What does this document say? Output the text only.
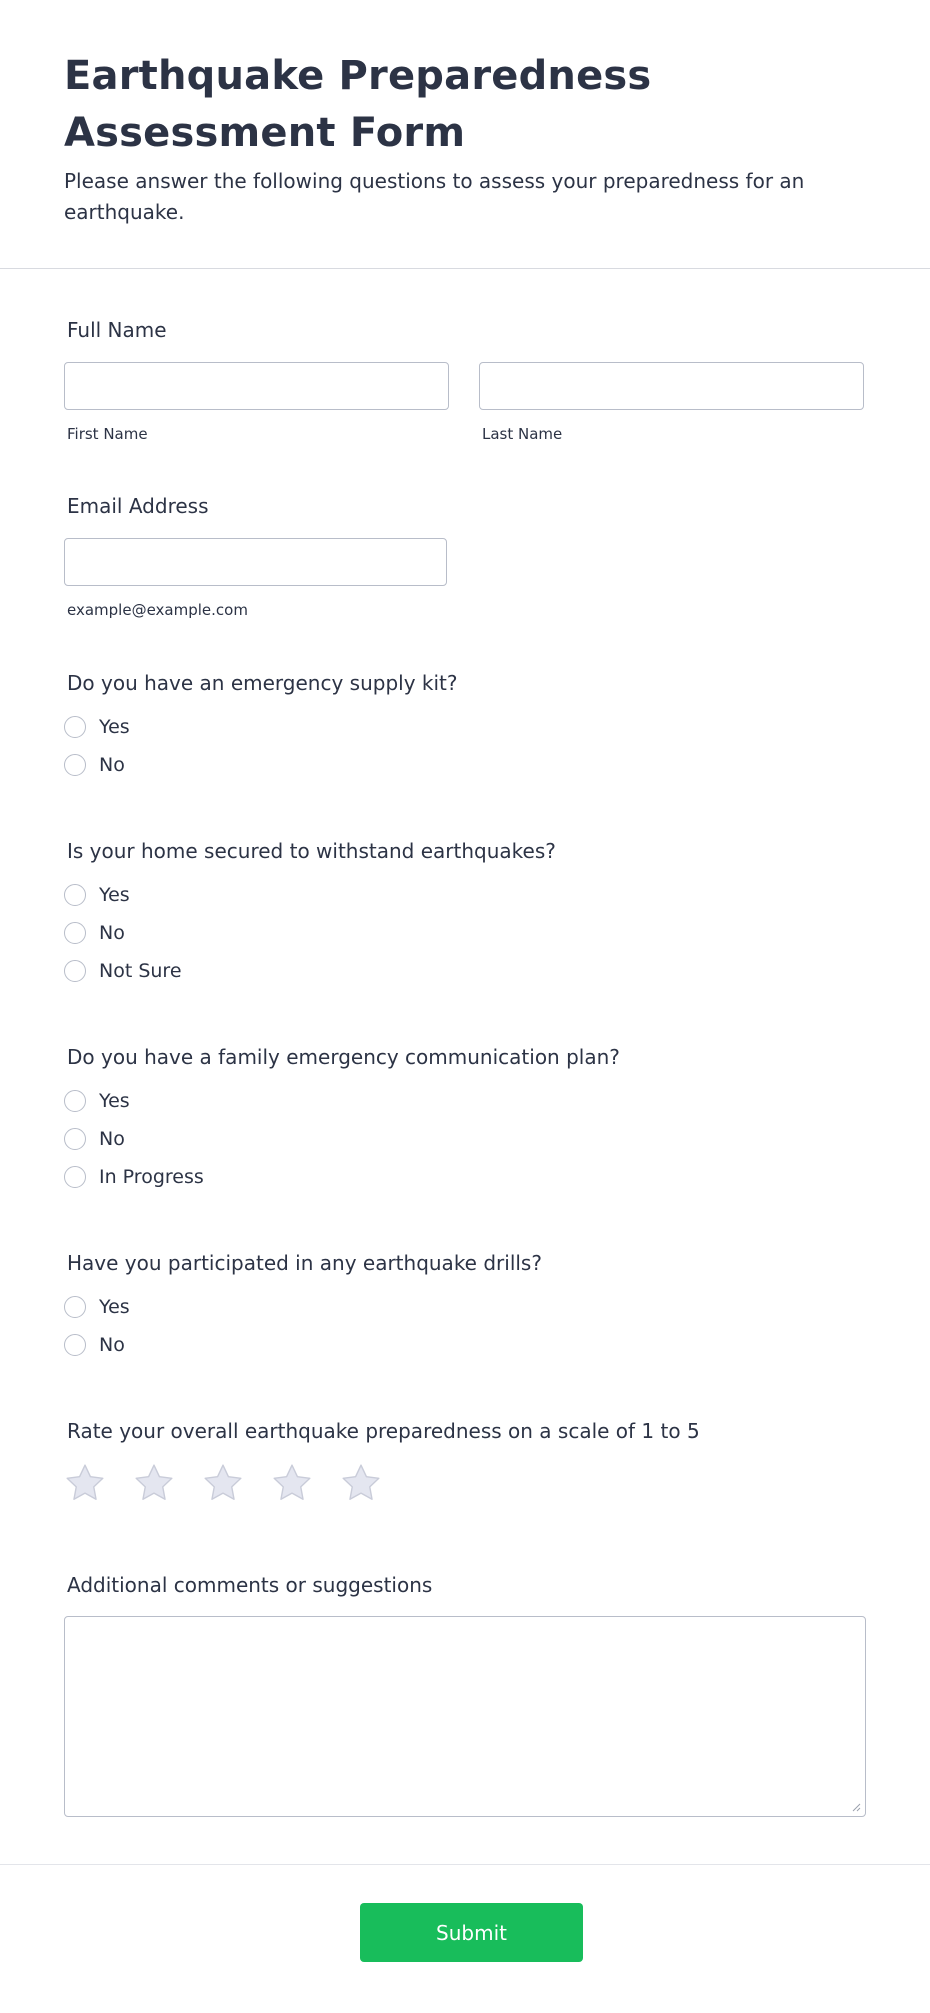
Earthquake Preparedness Assessment Form

Please answer the following questions to assess your preparedness for an earthquake.

Full Name
First Name	Last Name
Email Address
example@example.com
Do you have an emergency supply kit?
Yes
No
Is your home secured to withstand earthquakes?
Yes
No
Not Sure
Do you have a family emergency communication plan?
Yes
No
In Progress
Have you participated in any earthquake drills?
Yes
No
Rate your overall earthquake preparedness on a scale of 1 to 5
Additional comments or suggestions
Submit
